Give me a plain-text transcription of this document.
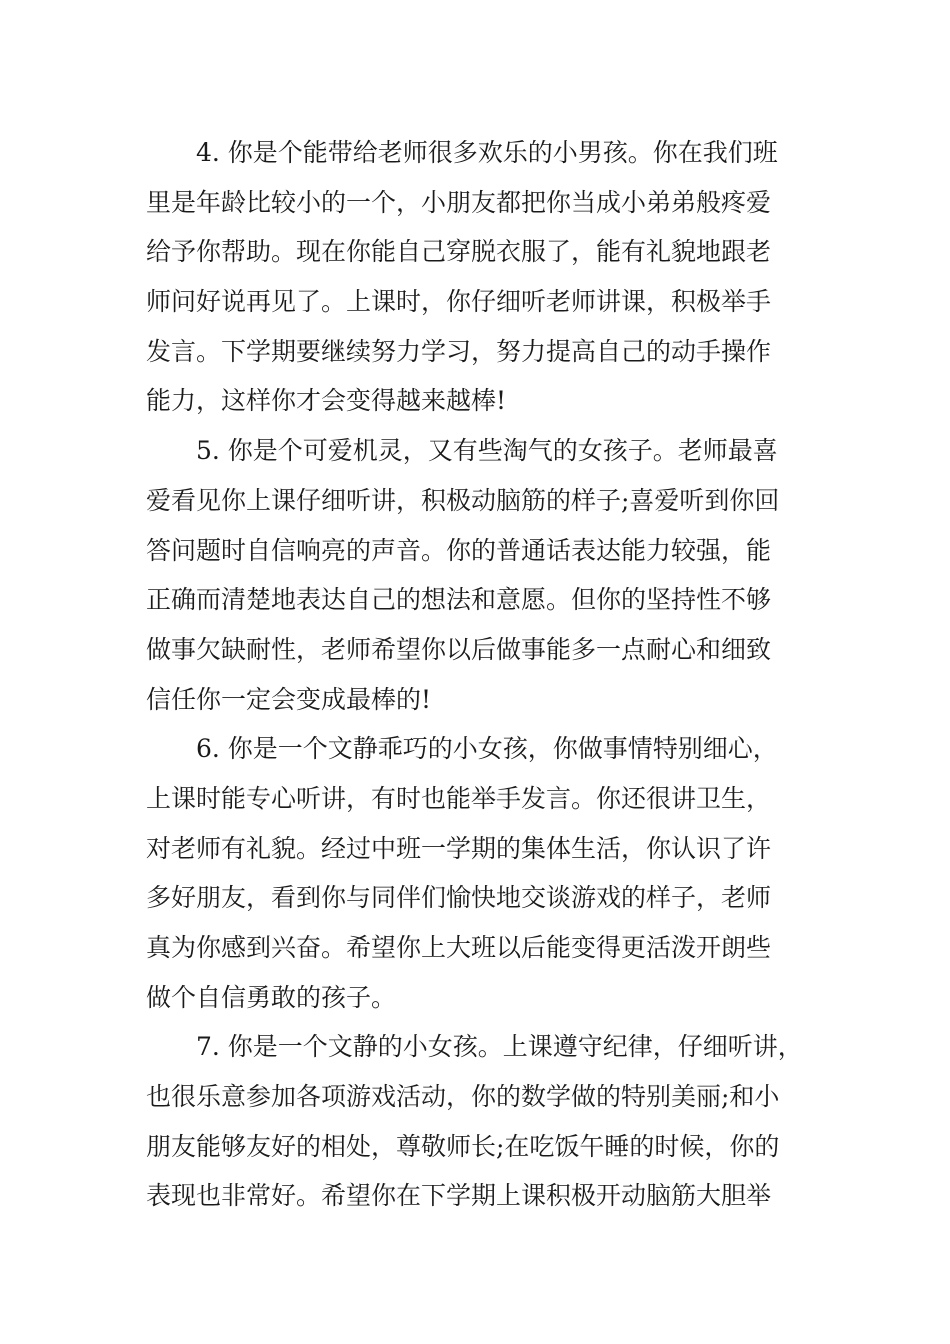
4. 你是个能带给老师很多欢乐的小男孩。你在我们班
里是年龄比较小的一个，小朋友都把你当成小弟弟般疼爱
给予你帮助。现在你能自己穿脱衣服了，能有礼貌地跟老
师问好说再见了。上课时，你仔细听老师讲课，积极举手
发言。下学期要继续努力学习，努力提高自己的动手操作
能力，这样你才会变得越来越棒!
5. 你是个可爱机灵，又有些淘气的女孩子。老师最喜
爱看见你上课仔细听讲，积极动脑筋的样子;喜爱听到你回
答问题时自信响亮的声音。你的普通话表达能力较强，能
正确而清楚地表达自己的想法和意愿。但你的坚持性不够
做事欠缺耐性，老师希望你以后做事能多一点耐心和细致
信任你一定会变成最棒的!
6. 你是一个文静乖巧的小女孩，你做事情特别细心，
上课时能专心听讲，有时也能举手发言。你还很讲卫生，
对老师有礼貌。经过中班一学期的集体生活，你认识了许
多好朋友，看到你与同伴们愉快地交谈游戏的样子，老师
真为你感到兴奋。希望你上大班以后能变得更活泼开朗些
做个自信勇敢的孩子。
7. 你是一个文静的小女孩。上课遵守纪律，仔细听讲，
也很乐意参加各项游戏活动，你的数学做的特别美丽;和小
朋友能够友好的相处，尊敬师长;在吃饭午睡的时候，你的
表现也非常好。希望你在下学期上课积极开动脑筋大胆举
